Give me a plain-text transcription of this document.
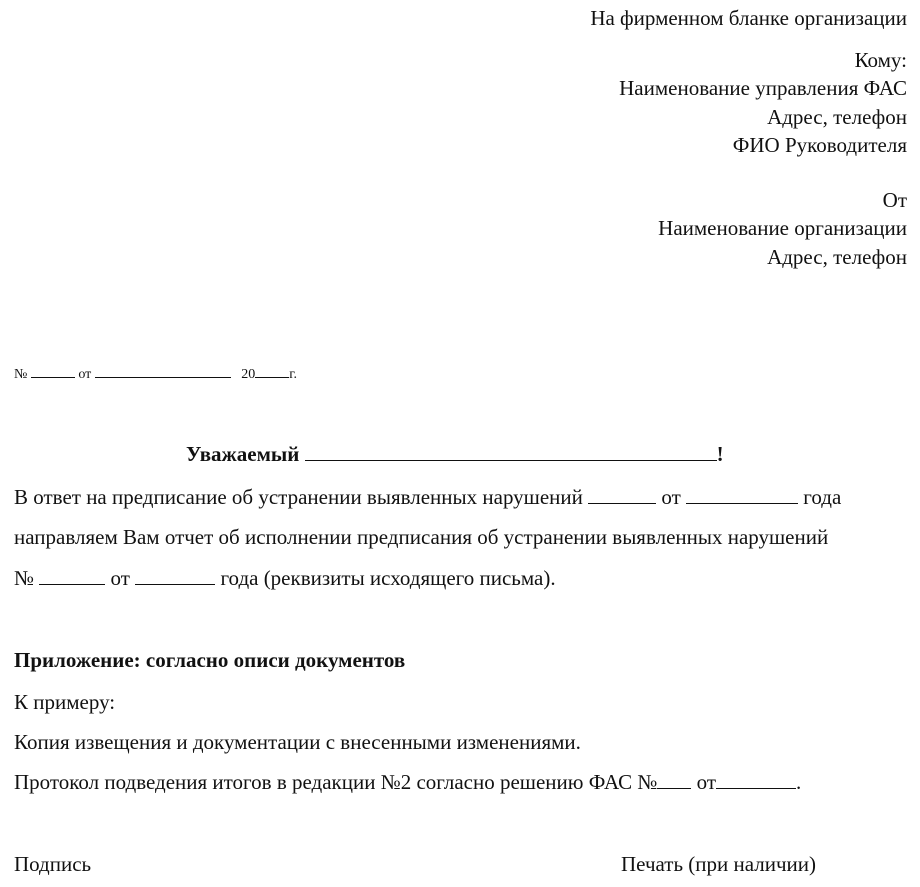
На фирменном бланке организации
Кому:
Наименование управления ФАС
Адрес, телефон
ФИО Руководителя
От
Наименование организации
Адрес, телефон
№	от	20 г.
Уважаемый	!
В ответ на предписание об устранении выявленных нарушений	от	года
направляем Вам отчет об исполнении предписания об устранении выявленных нарушений
№	от	года (реквизиты исходящего письма).
Приложение: согласно описи документов
К примеру:
Копия извещения и документации с внесенными изменениями.
Протокол подведения итогов в редакции №2 согласно решению ФАС № от	.
Подпись	Печать (при наличии)
